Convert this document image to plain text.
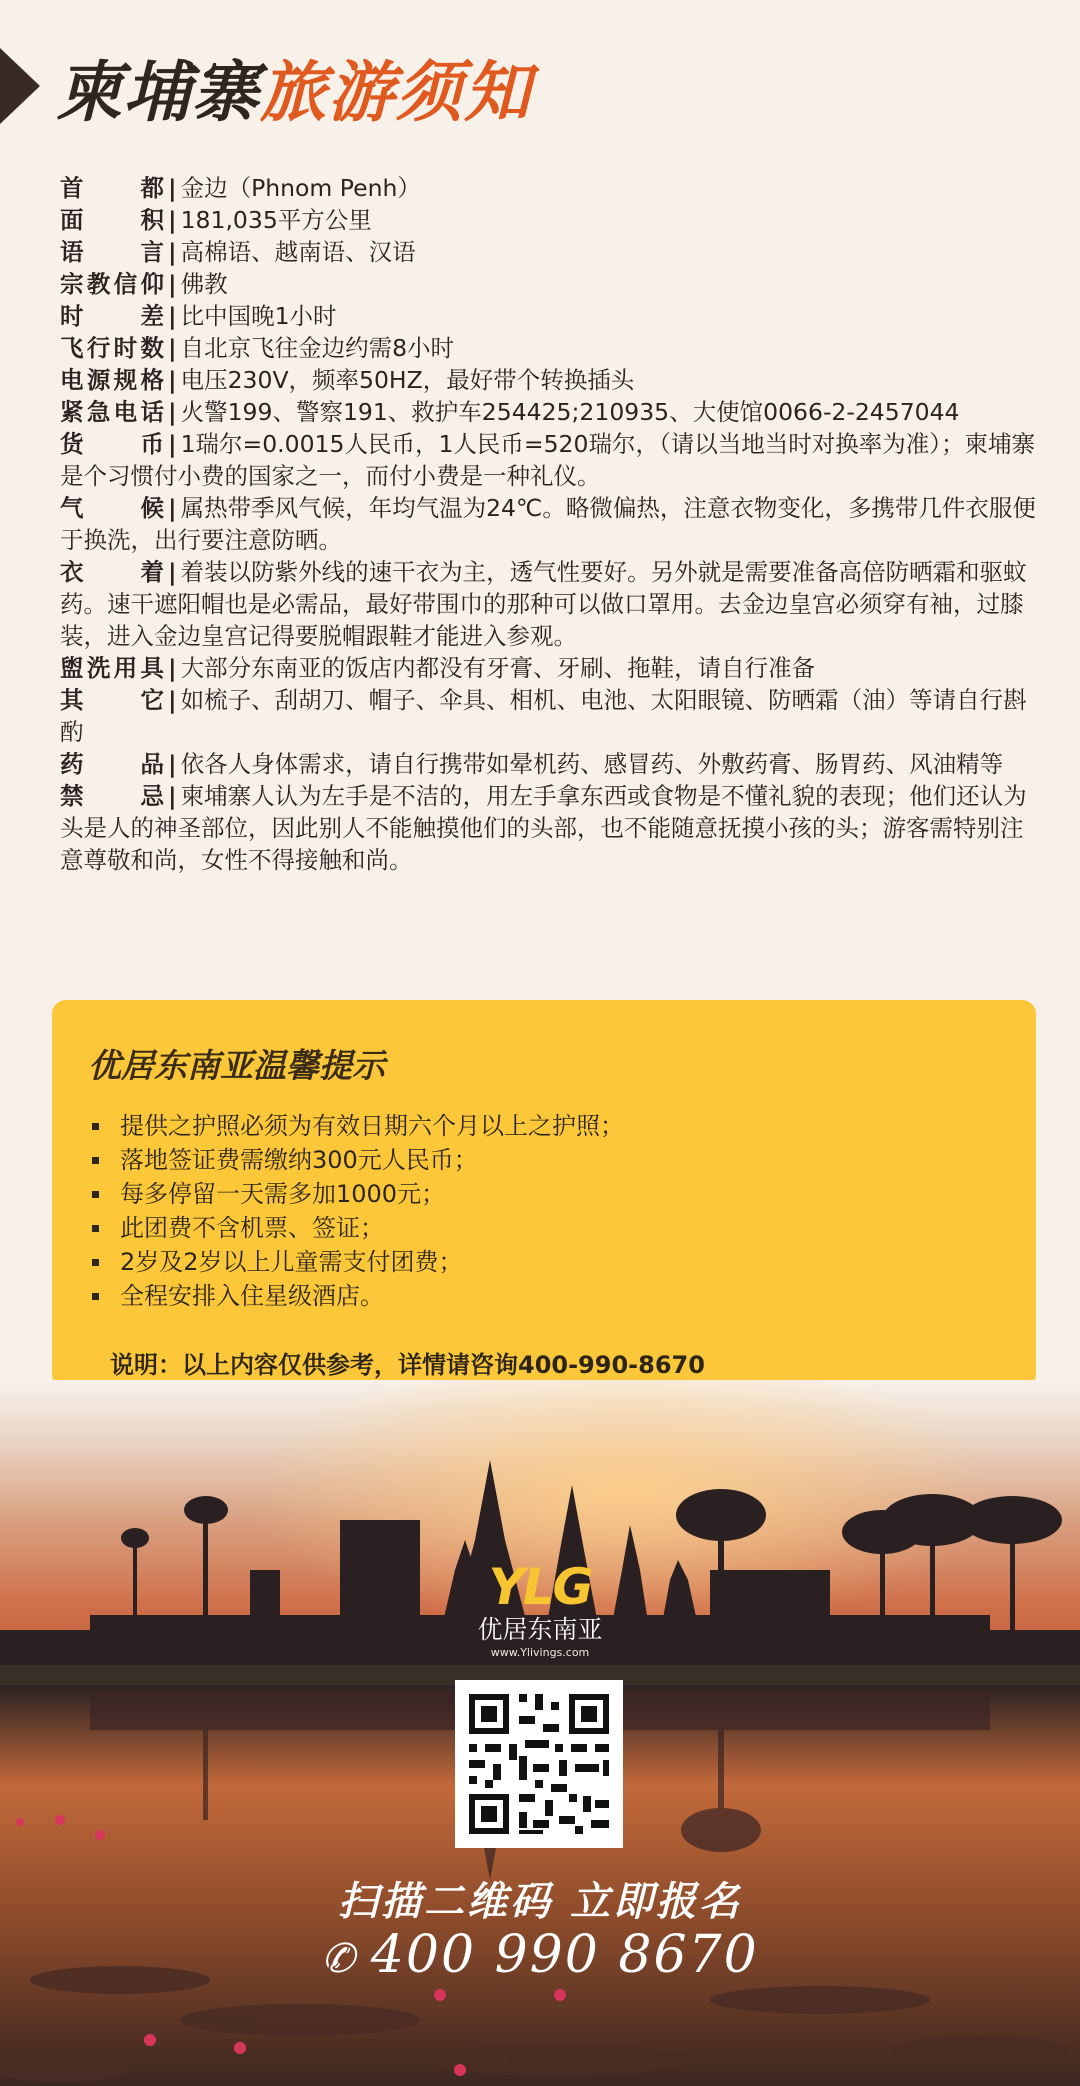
柬埔寨旅游须知
首都 | 金边（Phnom Penh）
面积 | 181,035平方公里
语言 | 高棉语、越南语、汉语
宗教信仰 | 佛教
时差 | 比中国晚1小时
飞行时数 | 自北京飞往金边约需8小时
电源规格 | 电压230V，频率50HZ，最好带个转换插头
紧急电话 | 火警199、警察191、救护车254425;210935、大使馆0066-2-2457044
货币 | 1瑞尔=0.0015人民币，1人民币=520瑞尔，（请以当地当时对换率为准）；柬埔寨是个习惯付小费的国家之一，而付小费是一种礼仪。
气候 | 属热带季风气候，年均气温为24℃。略微偏热，注意衣物变化，多携带几件衣服便于换洗，出行要注意防晒。
衣着 | 着装以防紫外线的速干衣为主，透气性要好。另外就是需要准备高倍防晒霜和驱蚊药。速干遮阳帽也是必需品，最好带围巾的那种可以做口罩用。去金边皇宫必须穿有袖，过膝装，进入金边皇宫记得要脱帽跟鞋才能进入参观。
盥洗用具 | 大部分东南亚的饭店内都没有牙膏、牙刷、拖鞋，请自行准备
其它 | 如梳子、刮胡刀、帽子、伞具、相机、电池、太阳眼镜、防晒霜（油）等请自行斟酌
药品 | 依各人身体需求，请自行携带如晕机药、感冒药、外敷药膏、肠胃药、风油精等
禁忌 | 柬埔寨人认为左手是不洁的，用左手拿东西或食物是不懂礼貌的表现；他们还认为头是人的神圣部位，因此别人不能触摸他们的头部，也不能随意抚摸小孩的头；游客需特别注意尊敬和尚，女性不得接触和尚。
优居东南亚温馨提示
提供之护照必须为有效日期六个月以上之护照；
落地签证费需缴纳300元人民币；
每多停留一天需多加1000元；
此团费不含机票、签证；
2岁及2岁以上儿童需支付团费；
全程安排入住星级酒店。
说明：以上内容仅供参考，详情请咨询400-990-8670
YLG
优居东南亚
www.Ylivings.com
扫描二维码 立即报名
✆ 400 990 8670
